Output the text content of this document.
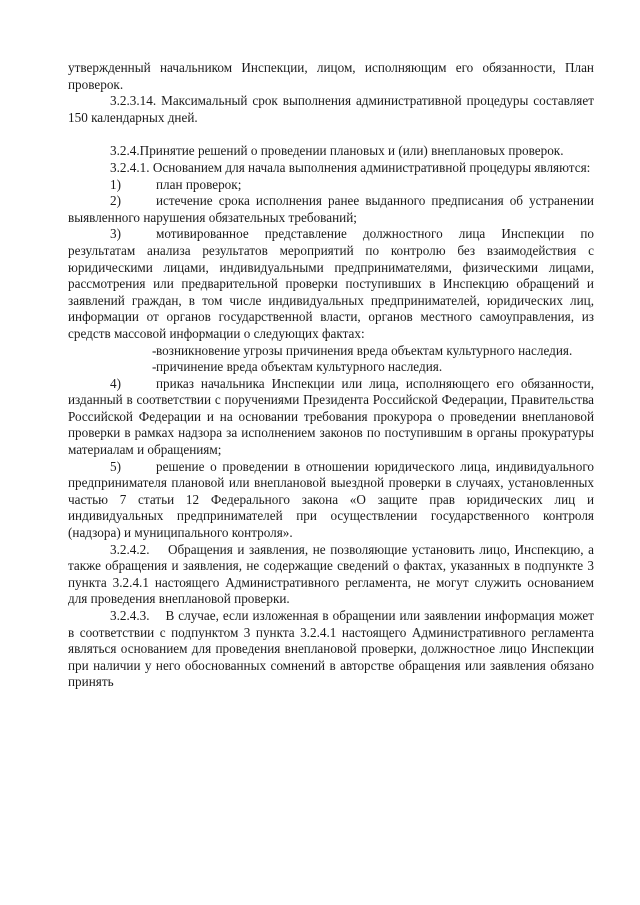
утвержденный начальником Инспекции, лицом, исполняющим его обязанности, План проверок.

3.2.3.14. Максимальный срок выполнения административной процедуры составляет 150 календарных дней.

3.2.4.Принятие решений о проведении плановых и (или) внеплановых проверок.

3.2.4.1. Основанием для начала выполнения административной процедуры являются:

1)	план проверок;

2)	истечение срока исполнения ранее выданного предписания об устранении выявленного нарушения обязательных требований;

3)	мотивированное представление должностного лица Инспекции по результатам анализа результатов мероприятий по контролю без взаимодействия с юридическими лицами, индивидуальными предпринимателями, физическими лицами, рассмотрения или предварительной проверки поступивших в Инспекцию обращений и заявлений граждан, в том числе индивидуальных предпринимателей, юридических лиц, информации от органов государственной власти, органов местного самоуправления, из средств массовой информации о следующих фактах:

-возникновение угрозы причинения вреда объектам культурного наследия.

-причинение вреда объектам культурного наследия.

4)	приказ начальника Инспекции или лица, исполняющего его обязанности, изданный в соответствии с поручениями Президента Российской Федерации, Правительства Российской Федерации и на основании требования прокурора о проведении внеплановой проверки в рамках надзора за исполнением законов по поступившим в органы прокуратуры материалам и обращениям;

5)	решение о проведении в отношении юридического лица, индивидуального предпринимателя плановой или внеплановой выездной проверки в случаях, установленных частью 7 статьи 12 Федерального закона «О защите прав юридических лиц и индивидуальных предпринимателей при осуществлении государственного контроля (надзора) и муниципального контроля».

3.2.4.2.    Обращения и заявления, не позволяющие установить лицо, Инспекцию, а также обращения и заявления, не содержащие сведений о фактах, указанных в подпункте 3 пункта 3.2.4.1 настоящего Административного регламента, не могут служить основанием для проведения внеплановой проверки.

3.2.4.3.    В случае, если изложенная в обращении или заявлении информация может в соответствии с подпунктом 3 пункта 3.2.4.1 настоящего Административного регламента являться основанием для проведения внеплановой проверки, должностное лицо Инспекции при наличии у него обоснованных сомнений в авторстве обращения или заявления обязано принять
